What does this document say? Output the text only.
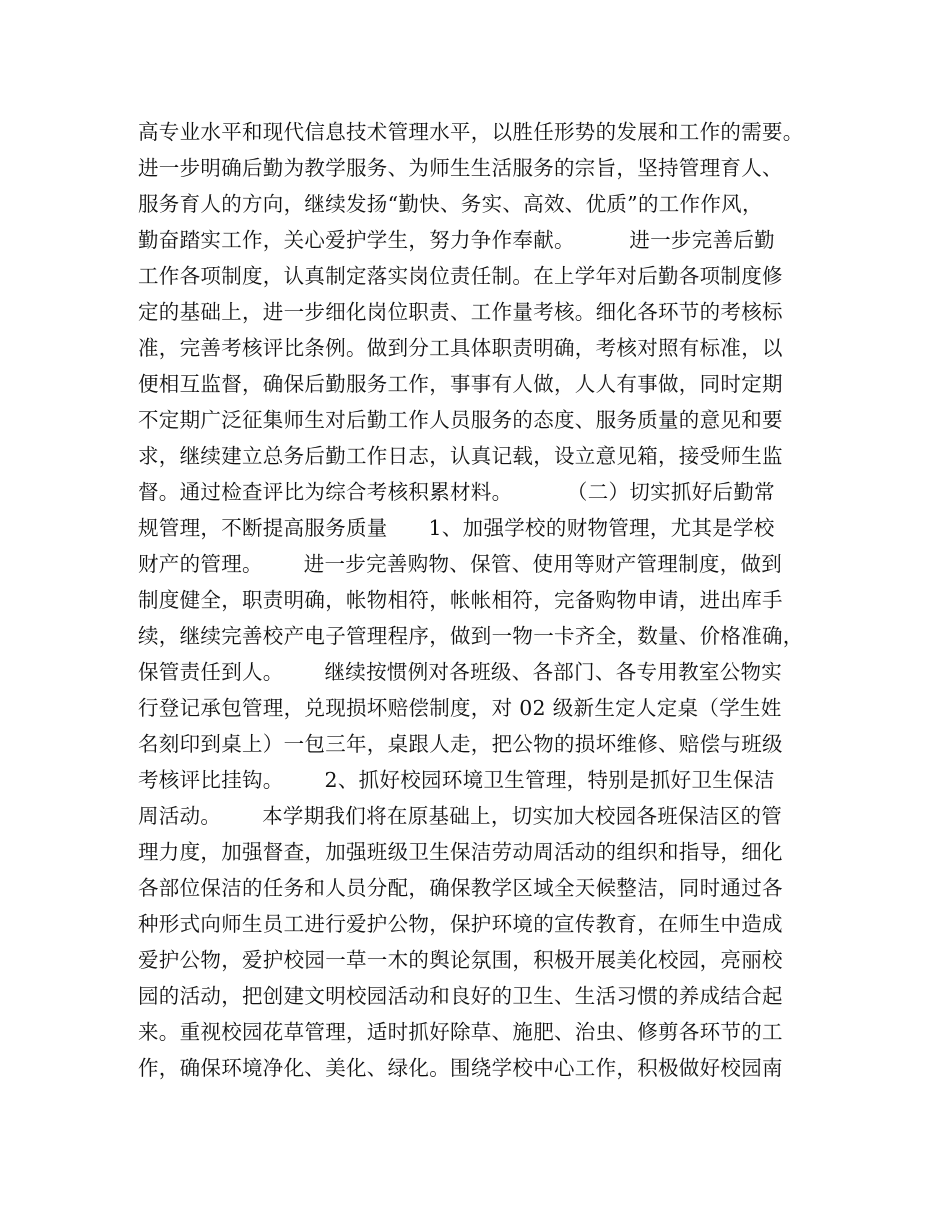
高专业水平和现代信息技术管理水平，以胜任形势的发展和工作的需要。
进一步明确后勤为教学服务、为师生生活服务的宗旨，坚持管理育人、
服务育人的方向，继续发扬“勤快、务实、高效、优质”的工作作风，
勤奋踏实工作，关心爱护学生，努力争作奉献。        进一步完善后勤
工作各项制度，认真制定落实岗位责任制。在上学年对后勤各项制度修
定的基础上，进一步细化岗位职责、工作量考核。细化各环节的考核标
准，完善考核评比条例。做到分工具体职责明确，考核对照有标准，以
便相互监督，确保后勤服务工作，事事有人做，人人有事做，同时定期
不定期广泛征集师生对后勤工作人员服务的态度、服务质量的意见和要
求，继续建立总务后勤工作日志，认真记载，设立意见箱，接受师生监
督。通过检查评比为综合考核积累材料。        （二）切实抓好后勤常
规管理，不断提高服务质量      1、加强学校的财物管理，尤其是学校
财产的管理。      进一步完善购物、保管、使用等财产管理制度，做到
制度健全，职责明确，帐物相符，帐帐相符，完备购物申请，进出库手
续，继续完善校产电子管理程序，做到一物一卡齐全，数量、价格准确，
保管责任到人。      继续按惯例对各班级、各部门、各专用教室公物实
行登记承包管理，兑现损坏赔偿制度，对 02 级新生定人定桌（学生姓
名刻印到桌上）一包三年，桌跟人走，把公物的损坏维修、赔偿与班级
考核评比挂钩。      2、抓好校园环境卫生管理，特别是抓好卫生保洁
周活动。      本学期我们将在原基础上，切实加大校园各班保洁区的管
理力度，加强督查，加强班级卫生保洁劳动周活动的组织和指导，细化
各部位保洁的任务和人员分配，确保教学区域全天候整洁，同时通过各
种形式向师生员工进行爱护公物，保护环境的宣传教育，在师生中造成
爱护公物，爱护校园一草一木的舆论氛围，积极开展美化校园，亮丽校
园的活动，把创建文明校园活动和良好的卫生、生活习惯的养成结合起
来。重视校园花草管理，适时抓好除草、施肥、治虫、修剪各环节的工
作，确保环境净化、美化、绿化。围绕学校中心工作，积极做好校园南
